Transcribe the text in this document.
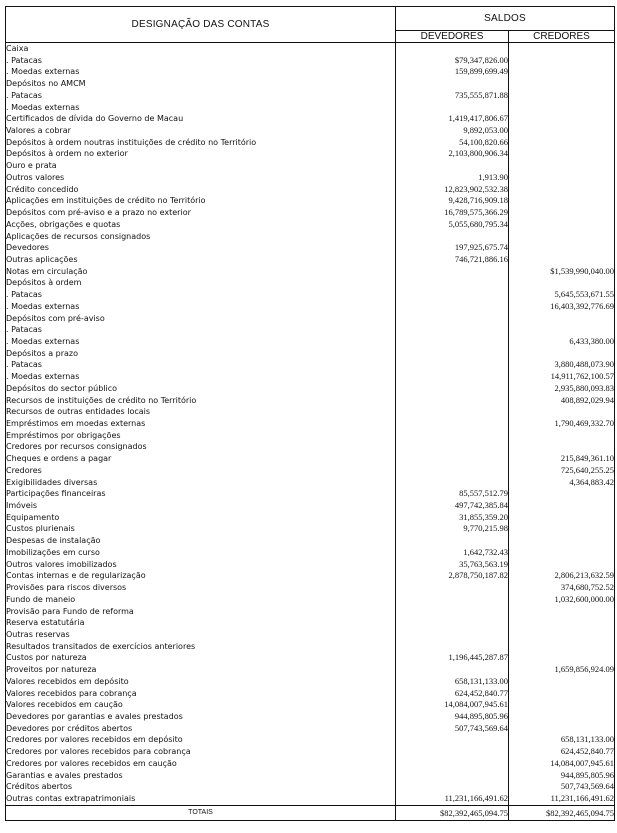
DESIGNAÇÃO DAS CONTAS	SALDOS	
	DEVEDORES	CREDORES
Caixa		
. Patacas	$79,347,826.00	
. Moedas externas	159,899,699.49	
Depósitos no AMCM		
. Patacas	735,555,871.88	
. Moedas externas		
Certificados de dívida do Governo de Macau	1,419,417,806.67	
Valores a cobrar	9,892,053.00	
Depósitos à ordem noutras instituições de crédito no Território	54,100,820.66	
Depósitos à ordem no exterior	2,103,800,906.34	
Ouro e prata		
Outros valores	1,913.90	
Crédito concedido	12,823,902,532.38	
Aplicações em instituições de crédito no Território	9,428,716,909.18	
Depósitos com pré-aviso e a prazo no exterior	16,789,575,366.29	
Acções, obrigações e quotas	5,055,680,795.34	
Aplicações de recursos consignados		
Devedores	197,925,675.74	
Outras aplicações	746,721,886.16	
Notas em circulação		$1,539,990,040.00
Depósitos à ordem		
. Patacas		5,645,553,671.55
. Moedas externas		16,403,392,776.69
Depósitos com pré-aviso		
. Patacas		
. Moedas externas		6,433,380.00
Depósitos a prazo		
. Patacas		3,880,488,073.90
. Moedas externas		14,911,762,100.57
Depósitos do sector público		2,935,880,093.83
Recursos de instituições de crédito no Território		408,892,029.94
Recursos de outras entidades locais		
Empréstimos em moedas externas		1,790,469,332.70
Empréstimos por obrigações		
Credores por recursos consignados		
Cheques e ordens a pagar		215,849,361.10
Credores		725,640,255.25
Exigibilidades diversas		4,364,883.42
Participações financeiras	85,557,512.79	
Imóveis	497,742,385.84	
Equipamento	31,855,359.20	
Custos plurienais	9,770,215.98	
Despesas de instalação		
Imobilizações em curso	1,642,732.43	
Outros valores imobilizados	35,763,563.19	
Contas internas e de regularização	2,878,750,187.82	2,806,213,632.59
Provisões para riscos diversos		374,680,752.52
Fundo de maneio		1,032,600,000.00
Provisão para Fundo de reforma		
Reserva estatutária		
Outras reservas		
Resultados transitados de exercícios anteriores		
Custos por natureza	1,196,445,287.87	
Proveitos por natureza		1,659,856,924.09
Valores recebidos em depósito	658,131,133.00	
Valores recebidos para cobrança	624,452,840.77	
Valores recebidos em caução	14,084,007,945.61	
Devedores por garantias e avales prestados	944,895,805.96	
Devedores por créditos abertos	507,743,569.64	
Credores por valores recebidos em depósito		658,131,133.00
Credores por valores recebidos para cobrança		624,452,840.77
Credores por valores recebidos em caução		14,084,007,945.61
Garantias e avales prestados		944,895,805.96
Créditos abertos		507,743,569.64
Outras contas extrapatrimoniais	11,231,166,491.62	11,231,166,491.62
TOTAIS	$82,392,465,094.75	$82,392,465,094.75
